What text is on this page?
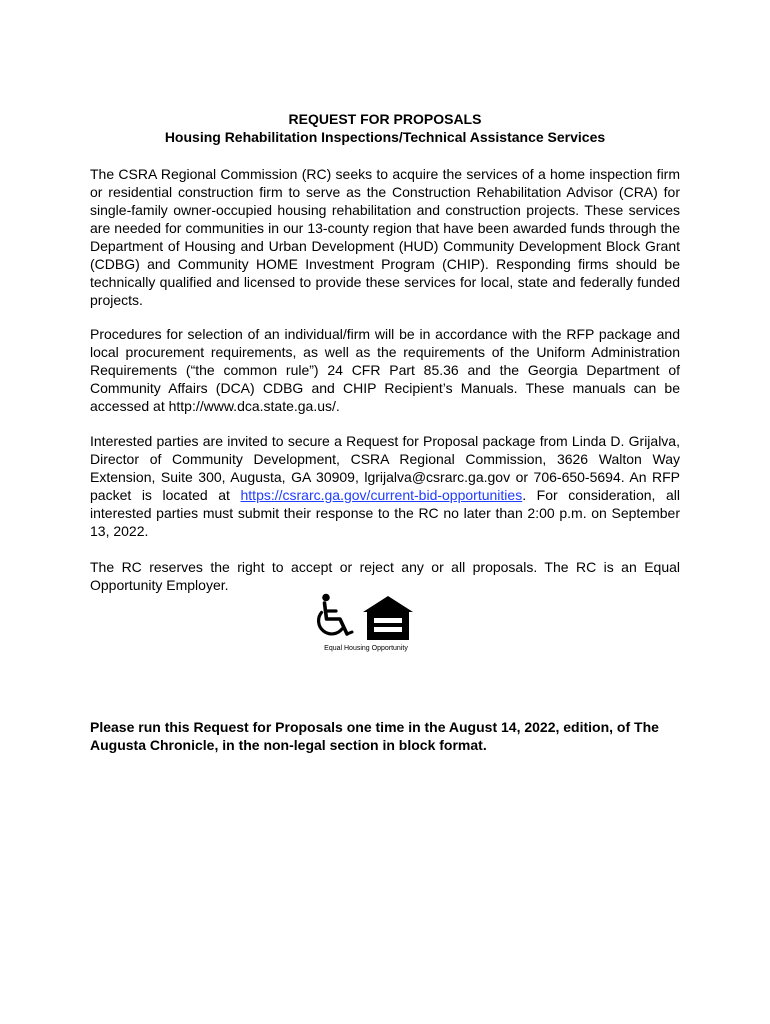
REQUEST FOR PROPOSALS
Housing Rehabilitation Inspections/Technical Assistance Services

The CSRA Regional Commission (RC) seeks to acquire the services of a home inspection firm or residential construction firm to serve as the Construction Rehabilitation Advisor (CRA) for single-family owner-occupied housing rehabilitation and construction projects. These services are needed for communities in our 13-county region that have been awarded funds through the Department of Housing and Urban Development (HUD) Community Development Block Grant (CDBG) and Community HOME Investment Program (CHIP). Responding firms should be technically qualified and licensed to provide these services for local, state and federally funded projects.

Procedures for selection of an individual/firm will be in accordance with the RFP package and local procurement requirements, as well as the requirements of the Uniform Administration Requirements (“the common rule”) 24 CFR Part 85.36 and the Georgia Department of Community Affairs (DCA) CDBG and CHIP Recipient’s Manuals. These manuals can be accessed at http://www.dca.state.ga.us/.

Interested parties are invited to secure a Request for Proposal package from Linda D. Grijalva, Director of Community Development, CSRA Regional Commission, 3626 Walton Way Extension, Suite 300, Augusta, GA 30909, lgrijalva@csrarc.ga.gov or 706-650-5694. An RFP packet is located at https://csrarc.ga.gov/current-bid-opportunities. For consideration, all interested parties must submit their response to the RC no later than 2:00 p.m. on September 13, 2022.

The RC reserves the right to accept or reject any or all proposals. The RC is an Equal Opportunity Employer.

Equal Housing Opportunity

Please run this Request for Proposals one time in the August 14, 2022, edition, of The Augusta Chronicle, in the non-legal section in block format.
